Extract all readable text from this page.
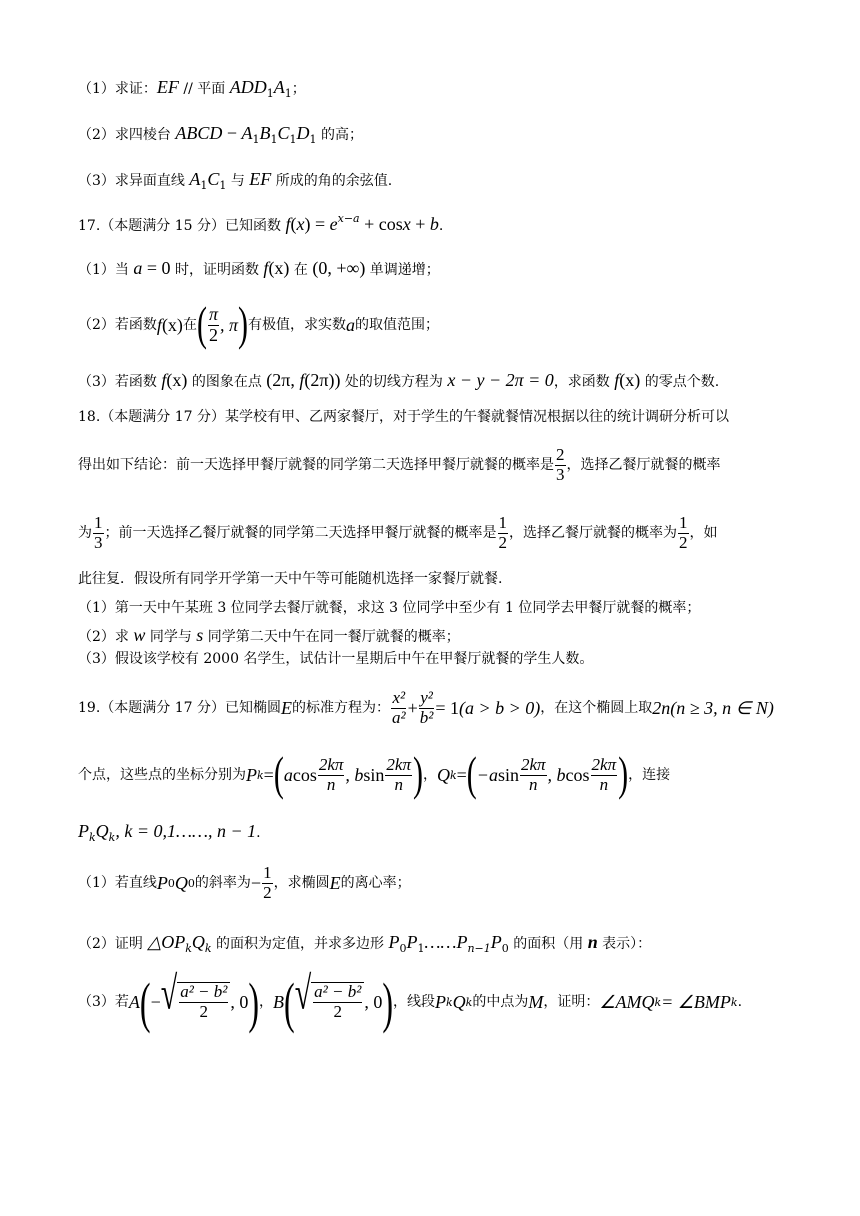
（1）求证：EF // 平面 $ADD_1A_1$；
（2）求四棱台 ABCD − $A_1B_1C_1D_1$ 的高；
（3）求异面直线 $A_1C_1$ 与 EF 所成的角的余弦值.
17.（本题满分 15 分）已知函数 $f(x) = e^{x-a} + \cos x + b$.
（1）当 a = 0 时，证明函数 f(x) 在 (0, +∞) 单调递增；
（2）若函数 f (x) 在 ( $\frac{\pi}{2}$ , π ) 有极值，求实数 a 的取值范围；
（3）若函数 f(x) 的图象在点 (2π, f(2π)) 处的切线方程为 x − y − 2π = 0，求函数 f(x) 的零点个数.
18.（本题满分 17 分）某学校有甲、乙两家餐厅，对于学生的午餐就餐情况根据以往的统计调研分析可以
得出如下结论：前一天选择甲餐厅就餐的同学第二天选择甲餐厅就餐的概率是 $\frac{2}{3}$ ，选择乙餐厅就餐的概率
为 $\frac{1}{3}$ ；前一天选择乙餐厅就餐的同学第二天选择甲餐厅就餐的概率是 $\frac{1}{2}$ ，选择乙餐厅就餐的概率为 $\frac{1}{2}$ ，如
此往复．假设所有同学开学第一天中午等可能随机选择一家餐厅就餐.
（1）第一天中午某班 3 位同学去餐厅就餐，求这 3 位同学中至少有 1 位同学去甲餐厅就餐的概率；
（2）求 w 同学与 s 同学第二天中午在同一餐厅就餐的概率；
（3）假设该学校有 2000 名学生，试估计一星期后中午在甲餐厅就餐的学生人数。
19.（本题满分 17 分）已知椭圆 E 的标准方程为： $\frac{\text{x²}}{\text{a²}} + \frac{\text{y²}}{\text{b²}} = 1$ (a > b > 0) ，在这个椭圆上取 2n (n ≥ 3, n ∈ N)
个点，这些点的坐标分别为 P k = ( a $\cos \frac{2k\pi}{n}$ , b $\sin \frac{2k\pi}{n}$ ) ， Q k = ( −a $\sin \frac{2k\pi}{n}$ , b $\cos \frac{2k\pi}{n}$ ) ，连接
$P_kQ_k$, k = 0,1……, n − 1.
（1）若直线 P 0 Q 0 的斜率为 − $\frac{1}{2}$ ，求椭圆 E 的离心率；
（2）证明 $\triangle OP_kQ_k$ 的面积为定值，并求多边形 $P_0P_1\dots\dots P_{n-1}P_0$ 的面积（用 n 表示）：
（3）若 A ( − √ $\frac{\text{a² − b²}}{2}$ , 0 ) ， B ( √ $\frac{\text{a² − b²}}{2}$ , 0 ) ，线段 P k Q k 的中点为 M ，证明： ∠AMQ k = ∠BMP k .
